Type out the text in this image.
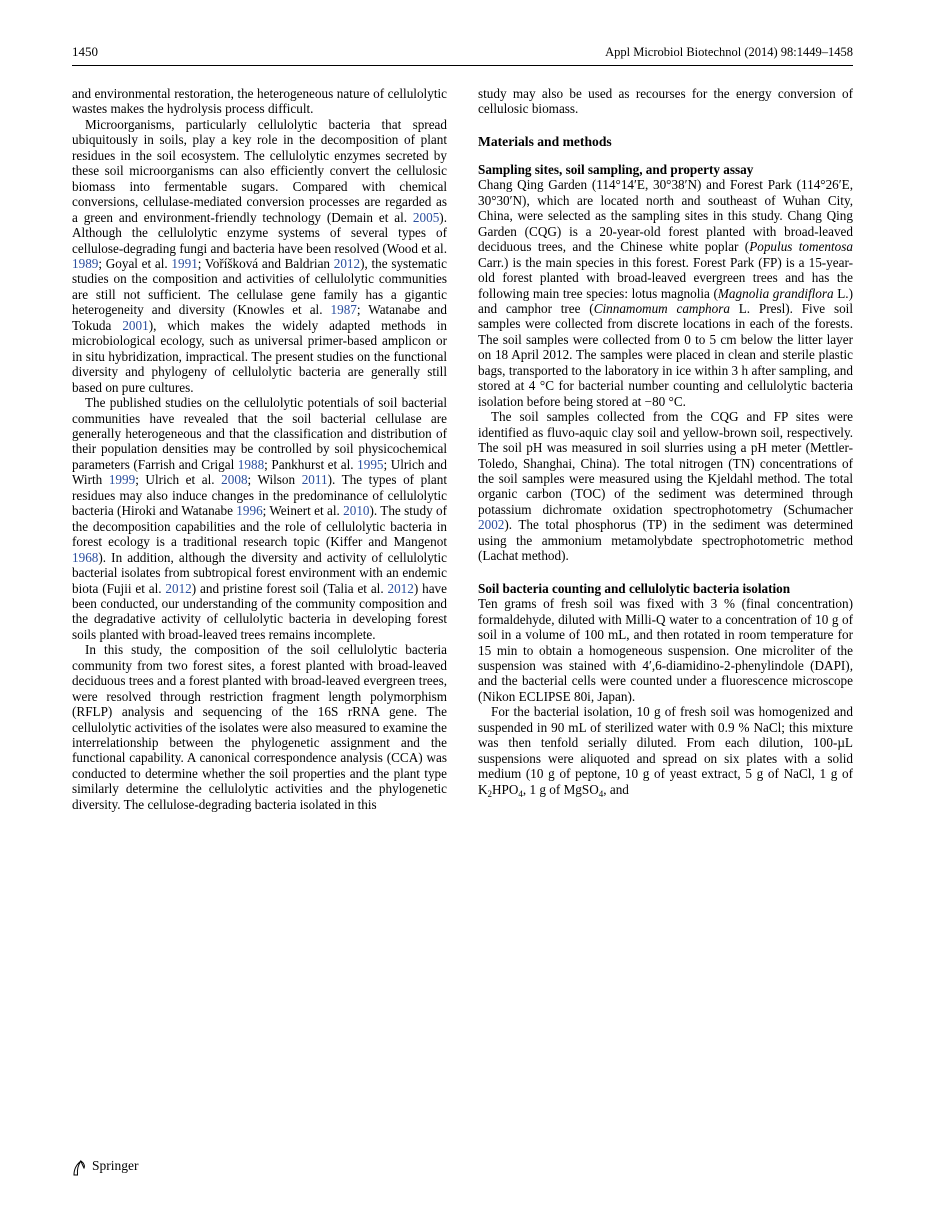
1450	Appl Microbiol Biotechnol (2014) 98:1449–1458

and environmental restoration, the heterogeneous nature of cellulolytic wastes makes the hydrolysis process difficult.

Microorganisms, particularly cellulolytic bacteria that spread ubiquitously in soils, play a key role in the decomposition of plant residues in the soil ecosystem. The cellulolytic enzymes secreted by these soil microorganisms can also efficiently convert the cellulosic biomass into fermentable sugars. Compared with chemical conversions, cellulase-mediated conversion processes are regarded as a green and environment-friendly technology (Demain et al. 2005). Although the cellulolytic enzyme systems of several types of cellulose-degrading fungi and bacteria have been resolved (Wood et al. 1989; Goyal et al. 1991; Voříšková and Baldrian 2012), the systematic studies on the composition and activities of cellulolytic communities are still not sufficient. The cellulase gene family has a gigantic heterogeneity and diversity (Knowles et al. 1987; Watanabe and Tokuda 2001), which makes the widely adapted methods in microbiological ecology, such as universal primer-based amplicon or in situ hybridization, impractical. The present studies on the functional diversity and phylogeny of cellulolytic bacteria are generally still based on pure cultures.

The published studies on the cellulolytic potentials of soil bacterial communities have revealed that the soil bacterial cellulase are generally heterogeneous and that the classification and distribution of their population densities may be controlled by soil physicochemical parameters (Farrish and Crigal 1988; Pankhurst et al. 1995; Ulrich and Wirth 1999; Ulrich et al. 2008; Wilson 2011). The types of plant residues may also induce changes in the predominance of cellulolytic bacteria (Hiroki and Watanabe 1996; Weinert et al. 2010). The study of the decomposition capabilities and the role of cellulolytic bacteria in forest ecology is a traditional research topic (Kiffer and Mangenot 1968). In addition, although the diversity and activity of cellulolytic bacterial isolates from subtropical forest environment with an endemic biota (Fujii et al. 2012) and pristine forest soil (Talia et al. 2012) have been conducted, our understanding of the community composition and the degradative activity of cellulolytic bacteria in developing forest soils planted with broad-leaved trees remains incomplete.

In this study, the composition of the soil cellulolytic bacteria community from two forest sites, a forest planted with broad-leaved deciduous trees and a forest planted with broad-leaved evergreen trees, were resolved through restriction fragment length polymorphism (RFLP) analysis and sequencing of the 16S rRNA gene. The cellulolytic activities of the isolates were also measured to examine the interrelationship between the phylogenetic assignment and the functional capability. A canonical correspondence analysis (CCA) was conducted to determine whether the soil properties and the plant type similarly determine the cellulolytic activities and the phylogenetic diversity. The cellulose-degrading bacteria isolated in this

study may also be used as recourses for the energy conversion of cellulosic biomass.

Materials and methods
Sampling sites, soil sampling, and property assay

Chang Qing Garden (114°14′E, 30°38′N) and Forest Park (114°26′E, 30°30′N), which are located north and southeast of Wuhan City, China, were selected as the sampling sites in this study. Chang Qing Garden (CQG) is a 20-year-old forest planted with broad-leaved deciduous trees, and the Chinese white poplar (Populus tomentosa Carr.) is the main species in this forest. Forest Park (FP) is a 15-year-old forest planted with broad-leaved evergreen trees and has the following main tree species: lotus magnolia (Magnolia grandiflora L.) and camphor tree (Cinnamomum camphora L. Presl). Five soil samples were collected from discrete locations in each of the forests. The soil samples were collected from 0 to 5 cm below the litter layer on 18 April 2012. The samples were placed in clean and sterile plastic bags, transported to the laboratory in ice within 3 h after sampling, and stored at 4 °C for bacterial number counting and cellulolytic bacteria isolation before being stored at −80 °C.

The soil samples collected from the CQG and FP sites were identified as fluvo-aquic clay soil and yellow-brown soil, respectively. The soil pH was measured in soil slurries using a pH meter (Mettler-Toledo, Shanghai, China). The total nitrogen (TN) concentrations of the soil samples were measured using the Kjeldahl method. The total organic carbon (TOC) of the sediment was determined through potassium dichromate oxidation spectrophotometry (Schumacher 2002). The total phosphorus (TP) in the sediment was determined using the ammonium metamolybdate spectrophotometric method (Lachat method).

Soil bacteria counting and cellulolytic bacteria isolation

Ten grams of fresh soil was fixed with 3 % (final concentration) formaldehyde, diluted with Milli-Q water to a concentration of 10 g of soil in a volume of 100 mL, and then rotated in room temperature for 15 min to obtain a homogeneous suspension. One microliter of the suspension was stained with 4′,6-diamidino-2-phenylindole (DAPI), and the bacterial cells were counted under a fluorescence microscope (Nikon ECLIPSE 80i, Japan).

For the bacterial isolation, 10 g of fresh soil was homogenized and suspended in 90 mL of sterilized water with 0.9 % NaCl; this mixture was then tenfold serially diluted. From each dilution, 100-µL suspensions were aliquoted and spread on six plates with a solid medium (10 g of peptone, 10 g of yeast extract, 5 g of NaCl, 1 g of $K_2HPO_4$, 1 g of MgSO$_4$, and

Springer
